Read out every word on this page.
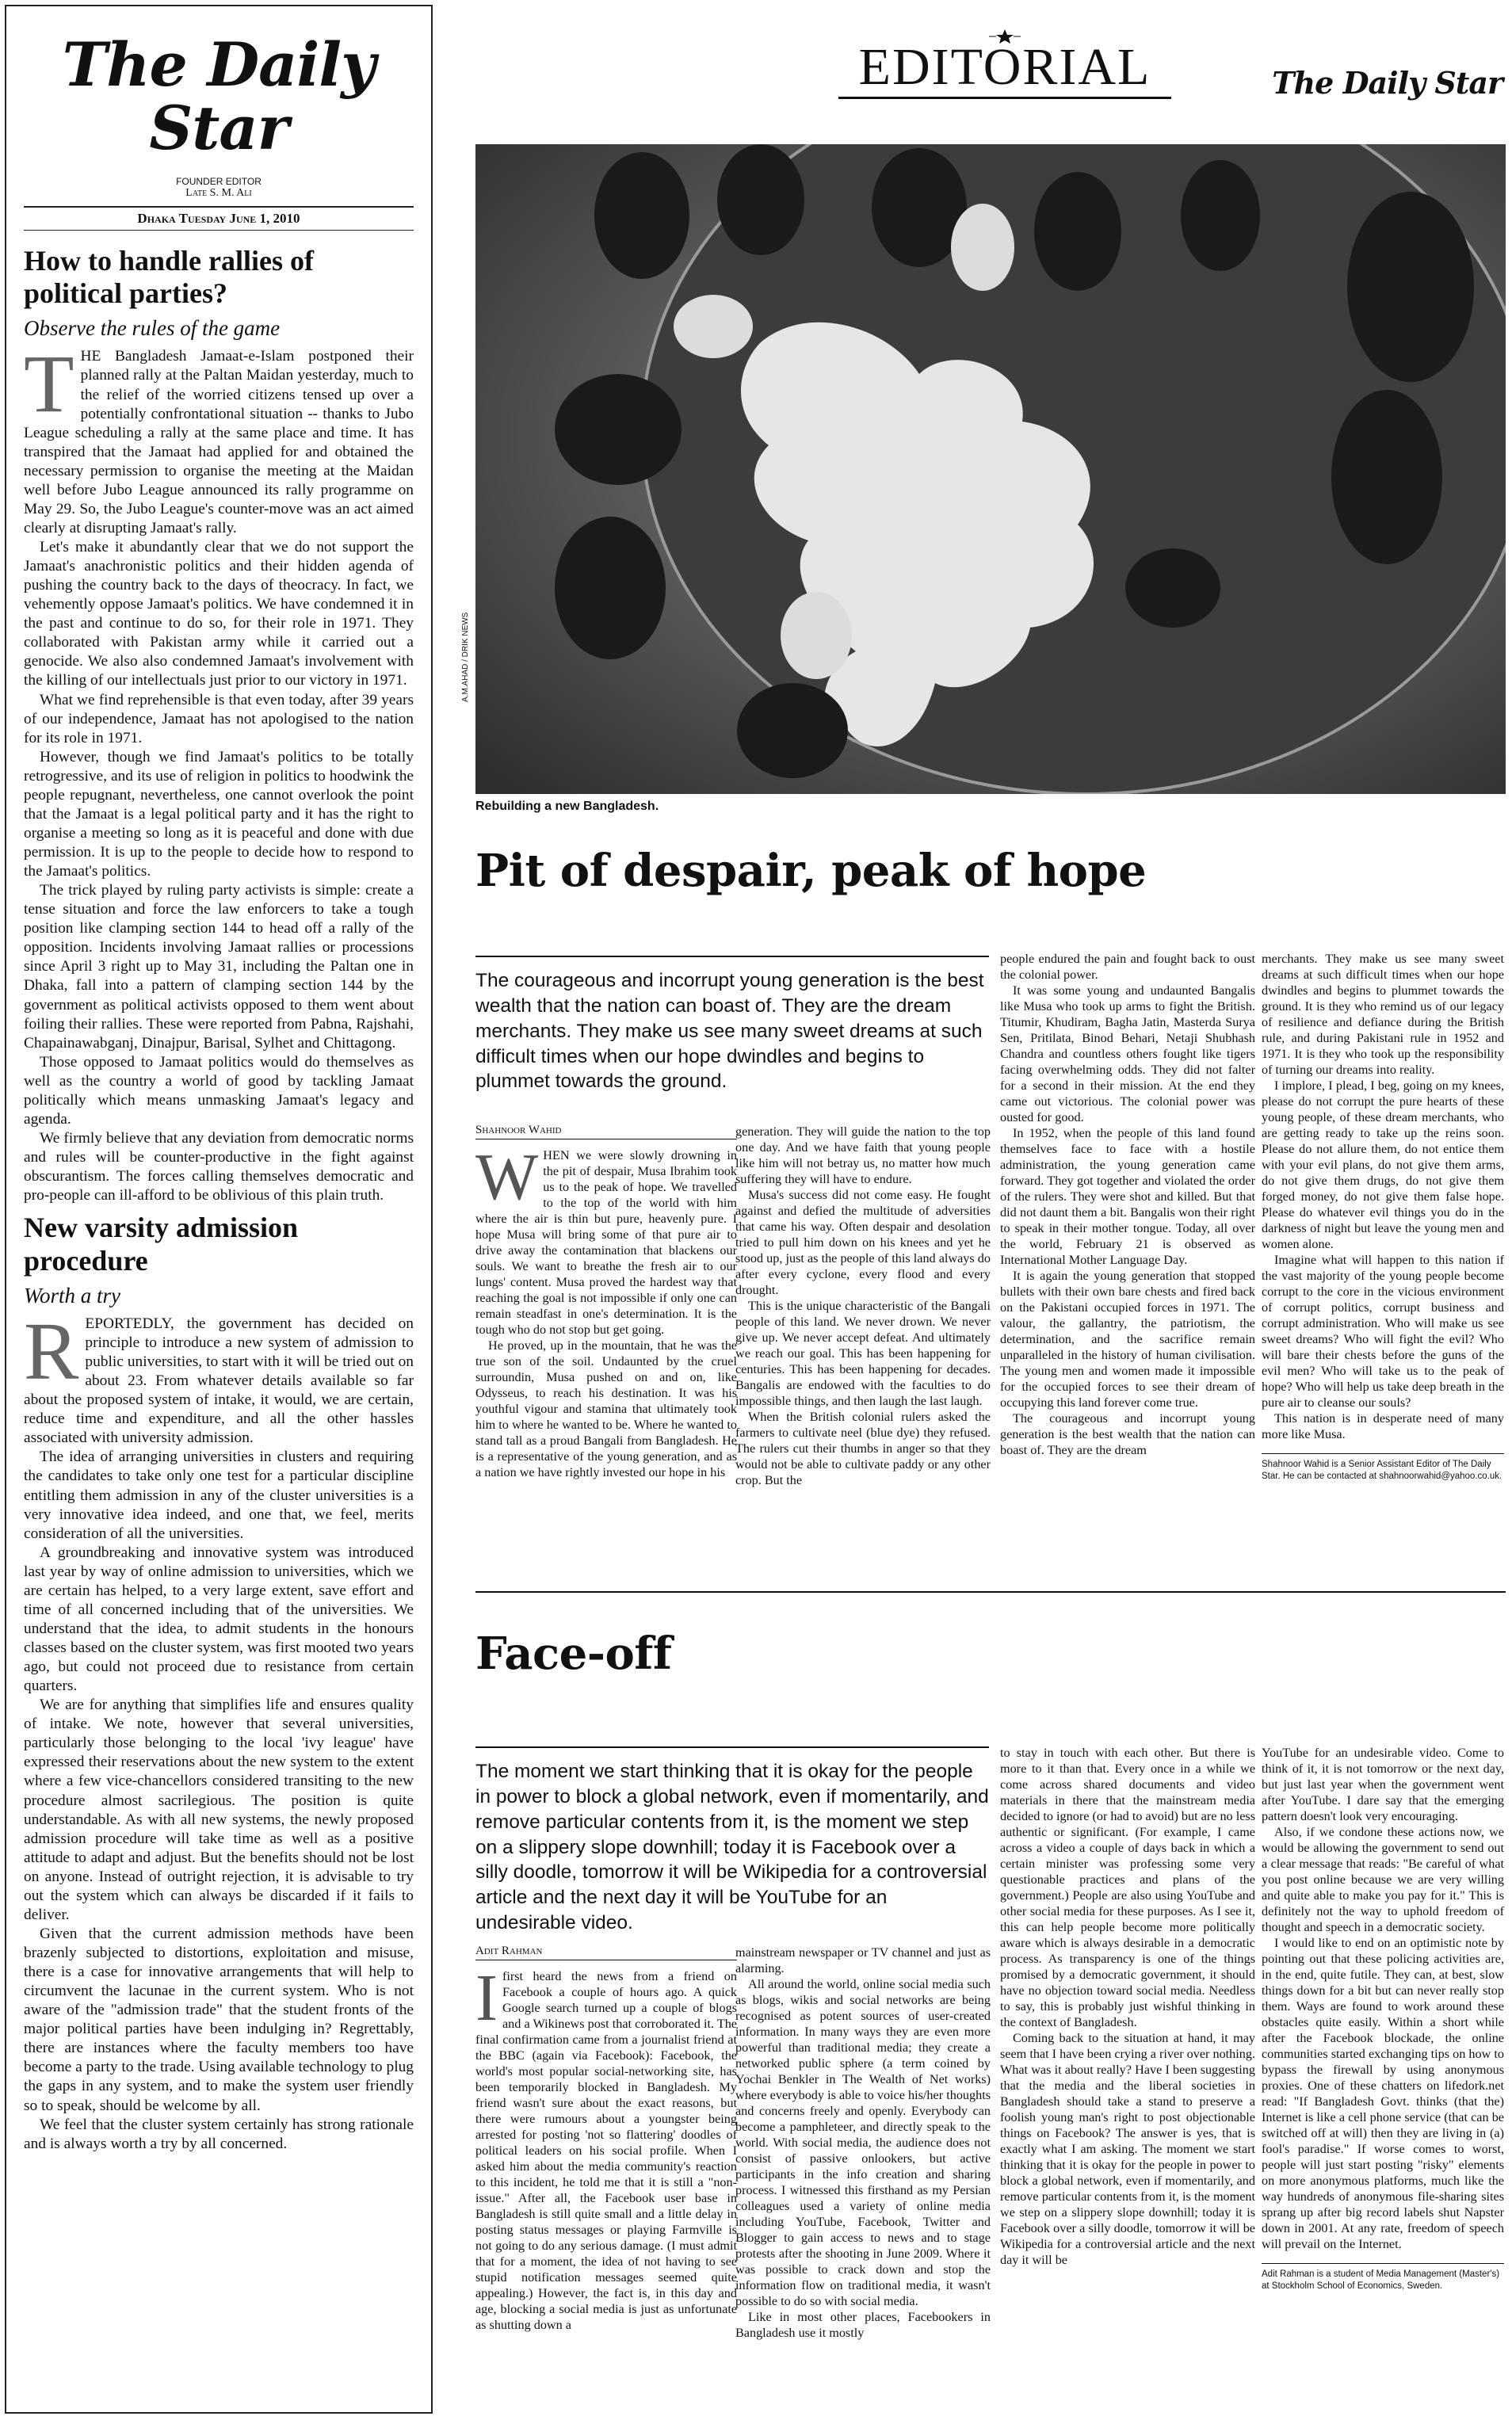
The Daily Star
FOUNDER EDITOR
Late S. M. Ali
Dhaka Tuesday June 1, 2010
How to handle rallies of political parties?
Observe the rules of the game

THE Bangladesh Jamaat-e-Islam postponed their planned rally at the Paltan Maidan yesterday, much to the relief of the worried citizens tensed up over a potentially confrontational situation -- thanks to Jubo League scheduling a rally at the same place and time. It has transpired that the Jamaat had applied for and obtained the necessary permission to organise the meeting at the Maidan well before Jubo League announced its rally programme on May 29. So, the Jubo League's counter-move was an act aimed clearly at disrupting Jamaat's rally.

Let's make it abundantly clear that we do not support the Jamaat's anachronistic politics and their hidden agenda of pushing the country back to the days of theocracy. In fact, we vehemently oppose Jamaat's politics. We have condemned it in the past and continue to do so, for their role in 1971. They collaborated with Pakistan army while it carried out a genocide. We also also condemned Jamaat's involvement with the killing of our intellectuals just prior to our victory in 1971.

What we find reprehensible is that even today, after 39 years of our independence, Jamaat has not apologised to the nation for its role in 1971.

However, though we find Jamaat's politics to be totally retrogressive, and its use of religion in politics to hoodwink the people repugnant, nevertheless, one cannot overlook the point that the Jamaat is a legal political party and it has the right to organise a meeting so long as it is peaceful and done with due permission. It is up to the people to decide how to respond to the Jamaat's politics.

The trick played by ruling party activists is simple: create a tense situation and force the law enforcers to take a tough position like clamping section 144 to head off a rally of the opposition. Incidents involving Jamaat rallies or processions since April 3 right up to May 31, including the Paltan one in Dhaka, fall into a pattern of clamping section 144 by the government as political activists opposed to them went about foiling their rallies. These were reported from Pabna, Rajshahi, Chapainawabganj, Dinajpur, Barisal, Sylhet and Chittagong.

Those opposed to Jamaat politics would do themselves as well as the country a world of good by tackling Jamaat politically which means unmasking Jamaat's legacy and agenda.

We firmly believe that any deviation from democratic norms and rules will be counter-productive in the fight against obscurantism. The forces calling themselves democratic and pro-people can ill-afford to be oblivious of this plain truth.

New varsity admission procedure
Worth a try

REPORTEDLY, the government has decided on principle to introduce a new system of admission to public universities, to start with it will be tried out on about 23. From whatever details available so far about the proposed system of intake, it would, we are certain, reduce time and expenditure, and all the other hassles associated with university admission.

The idea of arranging universities in clusters and requiring the candidates to take only one test for a particular discipline entitling them admission in any of the cluster universities is a very innovative idea indeed, and one that, we feel, merits consideration of all the universities.

A groundbreaking and innovative system was introduced last year by way of online admission to universities, which we are certain has helped, to a very large extent, save effort and time of all concerned including that of the universities. We understand that the idea, to admit students in the honours classes based on the cluster system, was first mooted two years ago, but could not proceed due to resistance from certain quarters.

We are for anything that simplifies life and ensures quality of intake. We note, however that several universities, particularly those belonging to the local 'ivy league' have expressed their reservations about the new system to the extent where a few vice-chancellors considered transiting to the new procedure almost sacrilegious. The position is quite understandable. As with all new systems, the newly proposed admission procedure will take time as well as a positive attitude to adapt and adjust. But the benefits should not be lost on anyone. Instead of outright rejection, it is advisable to try out the system which can always be discarded if it fails to deliver.

Given that the current admission methods have been brazenly subjected to distortions, exploitation and misuse, there is a case for innovative arrangements that will help to circumvent the lacunae in the current system. Who is not aware of the "admission trade" that the student fronts of the major political parties have been indulging in? Regrettably, there are instances where the faculty members too have become a party to the trade. Using available technology to plug the gaps in any system, and to make the system user friendly so to speak, should be welcome by all.

We feel that the cluster system certainly has strong rationale and is always worth a try by all concerned.

EDITORIAL	The Daily Star
A.M.AHAD / DRIK NEWS
Rebuilding a new Bangladesh.
Pit of despair, peak of hope
The courageous and incorrupt young generation is the best wealth that the nation can boast of. They are the dream merchants. They make us see many sweet dreams at such difficult times when our hope dwindles and begins to plummet towards the ground.
Shahnoor Wahid

WHEN we were slowly drowning in the pit of despair, Musa Ibrahim took us to the peak of hope. We travelled to the top of the world with him where the air is thin but pure, heavenly pure. I hope Musa will bring some of that pure air to drive away the contamination that blackens our souls. We want to breathe the fresh air to our lungs' content. Musa proved the hardest way that reaching the goal is not impossible if only one can remain steadfast in one's determination. It is the tough who do not stop but get going.

He proved, up in the mountain, that he was the true son of the soil. Undaunted by the cruel surroundin, Musa pushed on and on, like Odysseus, to reach his destination. It was his youthful vigour and stamina that ultimately took him to where he wanted to be. Where he wanted to stand tall as a proud Bangali from Bangladesh. He is a representative of the young generation, and as a nation we have rightly invested our hope in his

generation. They will guide the nation to the top one day. And we have faith that young people like him will not betray us, no matter how much suffering they will have to endure.

Musa's success did not come easy. He fought against and defied the multitude of adversities that came his way. Often despair and desolation tried to pull him down on his knees and yet he stood up, just as the people of this land always do after every cyclone, every flood and every drought.

This is the unique characteristic of the Bangali people of this land. We never drown. We never give up. We never accept defeat. And ultimately we reach our goal. This has been happening for centuries. This has been happening for decades. Bangalis are endowed with the faculties to do impossible things, and then laugh the last laugh.

When the British colonial rulers asked the farmers to cultivate neel (blue dye) they refused. The rulers cut their thumbs in anger so that they would not be able to cultivate paddy or any other crop. But the

people endured the pain and fought back to oust the colonial power.

It was some young and undaunted Bangalis like Musa who took up arms to fight the British. Titumir, Khudiram, Bagha Jatin, Masterda Surya Sen, Pritilata, Binod Behari, Netaji Shubhash Chandra and countless others fought like tigers facing overwhelming odds. They did not falter for a second in their mission. At the end they came out victorious. The colonial power was ousted for good.

In 1952, when the people of this land found themselves face to face with a hostile administration, the young generation came forward. They got together and violated the order of the rulers. They were shot and killed. But that did not daunt them a bit. Bangalis won their right to speak in their mother tongue. Today, all over the world, February 21 is observed as International Mother Language Day.

It is again the young generation that stopped bullets with their own bare chests and fired back on the Pakistani occupied forces in 1971. The valour, the gallantry, the patriotism, the determination, and the sacrifice remain unparalleled in the history of human civilisation. The young men and women made it impossible for the occupied forces to see their dream of occupying this land forever come true.

The courageous and incorrupt young generation is the best wealth that the nation can boast of. They are the dream

merchants. They make us see many sweet dreams at such difficult times when our hope dwindles and begins to plummet towards the ground. It is they who remind us of our legacy of resilience and defiance during the British rule, and during Pakistani rule in 1952 and 1971. It is they who took up the responsibility of turning our dreams into reality.

I implore, I plead, I beg, going on my knees, please do not corrupt the pure hearts of these young people, of these dream merchants, who are getting ready to take up the reins soon. Please do not allure them, do not entice them with your evil plans, do not give them arms, do not give them drugs, do not give them forged money, do not give them false hope. Please do whatever evil things you do in the darkness of night but leave the young men and women alone.

Imagine what will happen to this nation if the vast majority of the young people become corrupt to the core in the vicious environment of corrupt politics, corrupt business and corrupt administration. Who will make us see sweet dreams? Who will fight the evil? Who will bare their chests before the guns of the evil men? Who will take us to the peak of hope? Who will help us take deep breath in the pure air to cleanse our souls?

This nation is in desperate need of many more like Musa.

Shahnoor Wahid is a Senior Assistant Editor of The Daily Star. He can be contacted at shahnoorwahid@yahoo.co.uk.

Face-off
The moment we start thinking that it is okay for the people in power to block a global network, even if momentarily, and remove particular contents from it, is the moment we step on a slippery slope downhill; today it is Facebook over a silly doodle, tomorrow it will be Wikipedia for a controversial article and the next day it will be YouTube for an undesirable video.
Adit Rahman

Ifirst heard the news from a friend on Facebook a couple of hours ago. A quick Google search turned up a couple of blogs and a Wikinews post that corroborated it. The final confirmation came from a journalist friend at the BBC (again via Facebook): Facebook, the world's most popular social-networking site, has been temporarily blocked in Bangladesh. My friend wasn't sure about the exact reasons, but there were rumours about a youngster being arrested for posting 'not so flattering' doodles of political leaders on his social profile. When I asked him about the media community's reaction to this incident, he told me that it is still a "non-issue." After all, the Facebook user base in Bangladesh is still quite small and a little delay in posting status messages or playing Farmville is not going to do any serious damage. (I must admit that for a moment, the idea of not having to see stupid notification messages seemed quite appealing.) However, the fact is, in this day and age, blocking a social media is just as unfortunate as shutting down a

mainstream newspaper or TV channel and just as alarming.

All around the world, online social media such as blogs, wikis and social networks are being recognised as potent sources of user-created information. In many ways they are even more powerful than traditional media; they create a networked public sphere (a term coined by Yochai Benkler in The Wealth of Net works) where everybody is able to voice his/her thoughts and concerns freely and openly. Everybody can become a pamphleteer, and directly speak to the world. With social media, the audience does not consist of passive onlookers, but active participants in the info creation and sharing process. I witnessed this firsthand as my Persian colleagues used a variety of online media including YouTube, Facebook, Twitter and Blogger to gain access to news and to stage protests after the shooting in June 2009. Where it was possible to crack down and stop the information flow on traditional media, it wasn't possible to do so with social media.

Like in most other places, Facebookers in Bangladesh use it mostly

to stay in touch with each other. But there is more to it than that. Every once in a while we come across shared documents and video materials in there that the mainstream media decided to ignore (or had to avoid) but are no less authentic or significant. (For example, I came across a video a couple of days back in which a certain minister was professing some very questionable practices and plans of the government.) People are also using YouTube and other social media for these purposes. As I see it, this can help people become more politically aware which is always desirable in a democratic process. As transparency is one of the things promised by a democratic government, it should have no objection toward social media. Needless to say, this is probably just wishful thinking in the context of Bangladesh.

Coming back to the situation at hand, it may seem that I have been crying a river over nothing. What was it about really? Have I been suggesting that the media and the liberal societies in Bangladesh should take a stand to preserve a foolish young man's right to post objectionable things on Facebook? The answer is yes, that is exactly what I am asking. The moment we start thinking that it is okay for the people in power to block a global network, even if momentarily, and remove particular contents from it, is the moment we step on a slippery slope downhill; today it is Facebook over a silly doodle, tomorrow it will be Wikipedia for a controversial article and the next day it will be

YouTube for an undesirable video. Come to think of it, it is not tomorrow or the next day, but just last year when the government went after YouTube. I dare say that the emerging pattern doesn't look very encouraging.

Also, if we condone these actions now, we would be allowing the government to send out a clear message that reads: "Be careful of what you post online because we are very willing and quite able to make you pay for it." This is definitely not the way to uphold freedom of thought and speech in a democratic society.

I would like to end on an optimistic note by pointing out that these policing activities are, in the end, quite futile. They can, at best, slow things down for a bit but can never really stop them. Ways are found to work around these obstacles quite easily. Within a short while after the Facebook blockade, the online communities started exchanging tips on how to bypass the firewall by using anonymous proxies. One of these chatters on lifedork.net read: "If Bangladesh Govt. thinks (that the) Internet is like a cell phone service (that can be switched off at will) then they are living in (a) fool's paradise." If worse comes to worst, people will just start posting "risky" elements on more anonymous platforms, much like the way hundreds of anonymous file-sharing sites sprang up after big record labels shut Napster down in 2001. At any rate, freedom of speech will prevail on the Internet.

Adit Rahman is a student of Media Management (Master's) at Stockholm School of Economics, Sweden.
